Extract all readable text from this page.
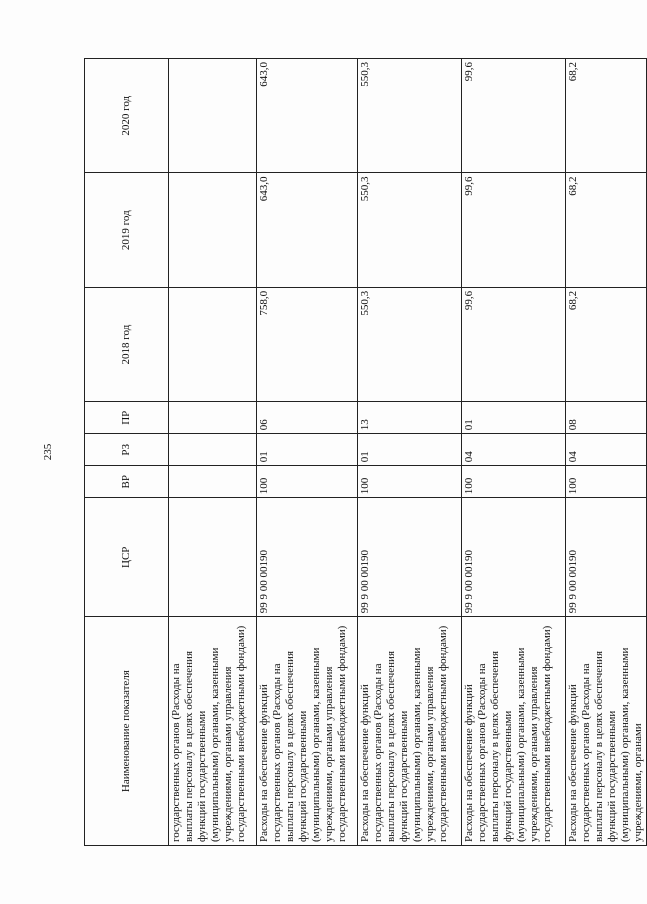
235
Наименование показателя	ЦСР	ВР	РЗ	ПР	2018 год	2019 год	2020 год
государственных органов (Расходы на выплаты персоналу в целях обеспечения функций государственными (муниципальными) органами, казенными учреждениями, органами управления государственными внебюджетными фондами)							
Расходы на обеспечение функций государственных органов (Расходы на выплаты персоналу в целях обеспечения функций государственными (муниципальными) органами, казенными учреждениями, органами управления государственными внебюджетными фондами)	99 9 00 00190	100	01	06	758,0	643,0	643,0
Расходы на обеспечение функций государственных органов (Расходы на выплаты персоналу в целях обеспечения функций государственными (муниципальными) органами, казенными учреждениями, органами управления государственными внебюджетными фондами)	99 9 00 00190	100	01	13	550,3	550,3	550,3
Расходы на обеспечение функций государственных органов (Расходы на выплаты персоналу в целях обеспечения функций государственными (муниципальными) органами, казенными учреждениями, органами управления государственными внебюджетными фондами)	99 9 00 00190	100	04	01	99,6	99,6	99,6
Расходы на обеспечение функций государственных органов (Расходы на выплаты персоналу в целях обеспечения функций государственными (муниципальными) органами, казенными учреждениями, органами	99 9 00 00190	100	04	08	68,2	68,2	68,2
